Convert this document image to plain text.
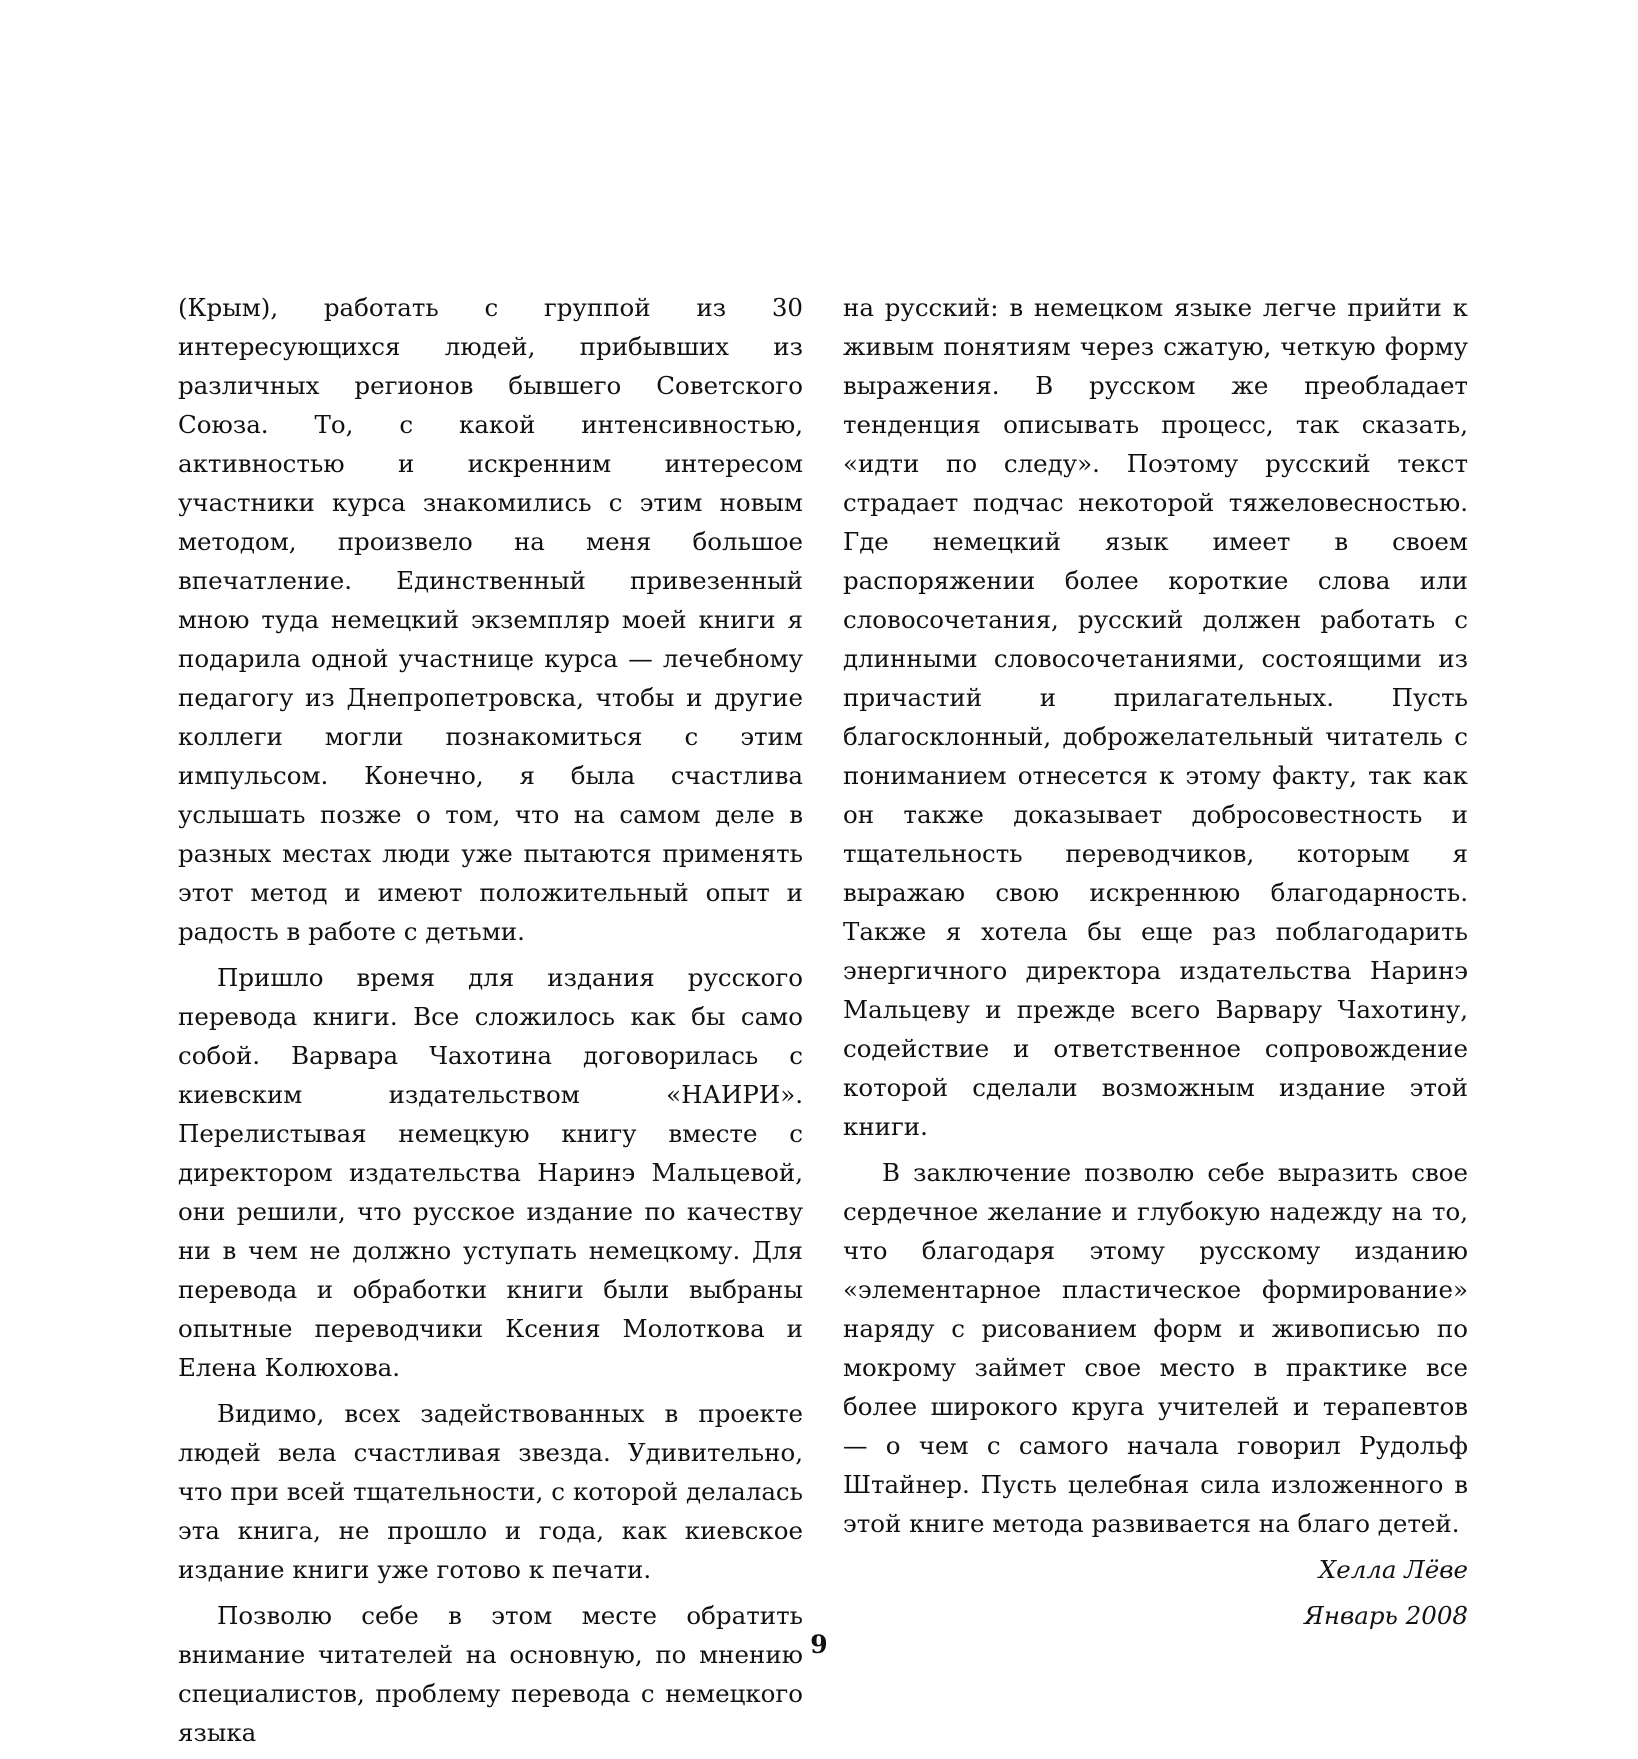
(Крым), работать с группой из 30 интересующихся людей, прибывших из различных регионов бывшего Советского Союза. То, с какой интенсивностью, активностью и искренним интересом участники курса знакомились с этим новым методом, произвело на меня большое впечатление. Единственный привезенный мною туда немецкий экземпляр моей книги я подарила одной участнице курса — лечебному педагогу из Днепропетровска, чтобы и другие коллеги могли познакомиться с этим импульсом. Конечно, я была счастлива услышать позже о том, что на самом деле в разных местах люди уже пытаются применять этот метод и имеют положительный опыт и радость в работе с детьми.

Пришло время для издания русского перевода книги. Все сложилось как бы само собой. Варвара Чахотина договорилась с киевским издательством «НАИРИ». Перелистывая немецкую книгу вместе с директором издательства Наринэ Мальцевой, они решили, что русское издание по качеству ни в чем не должно уступать немецкому. Для перевода и обработки книги были выбраны опытные переводчики Ксения Молоткова и Елена Колюхова.

Видимо, всех задействованных в проекте людей вела счастливая звезда. Удивительно, что при всей тщательности, с которой делалась эта книга, не прошло и года, как киевское издание книги уже готово к печати.

Позволю себе в этом месте обратить внимание читателей на основную, по мнению специалистов, проблему перевода с немецкого языка

на русский: в немецком языке легче прийти к живым понятиям через сжатую, четкую форму выражения. В русском же преобладает тенденция описывать процесс, так сказать, «идти по следу». Поэтому русский текст страдает подчас некоторой тяжеловесностью. Где немецкий язык имеет в своем распоряжении более короткие слова или словосочетания, русский должен работать с длинными словосочетаниями, состоящими из причастий и прилагательных. Пусть благосклонный, доброжелательный читатель с пониманием отнесется к этому факту, так как он также доказывает добросовестность и тщательность переводчиков, которым я выражаю свою искреннюю благодарность. Также я хотела бы еще раз поблагодарить энергичного директора издательства Наринэ Мальцеву и прежде всего Варвару Чахотину, содействие и ответственное сопровождение которой сделали возможным издание этой книги.

В заключение позволю себе выразить свое сердечное желание и глубокую надежду на то, что благодаря этому русскому изданию «элементарное пластическое формирование» наряду с рисованием форм и живописью по мокрому займет свое место в практике все более широкого круга учителей и терапевтов — о чем с самого начала говорил Рудольф Штайнер. Пусть целебная сила изложенного в этой книге метода развивается на благо детей.

Хелла Лёве

Январь 2008

9
